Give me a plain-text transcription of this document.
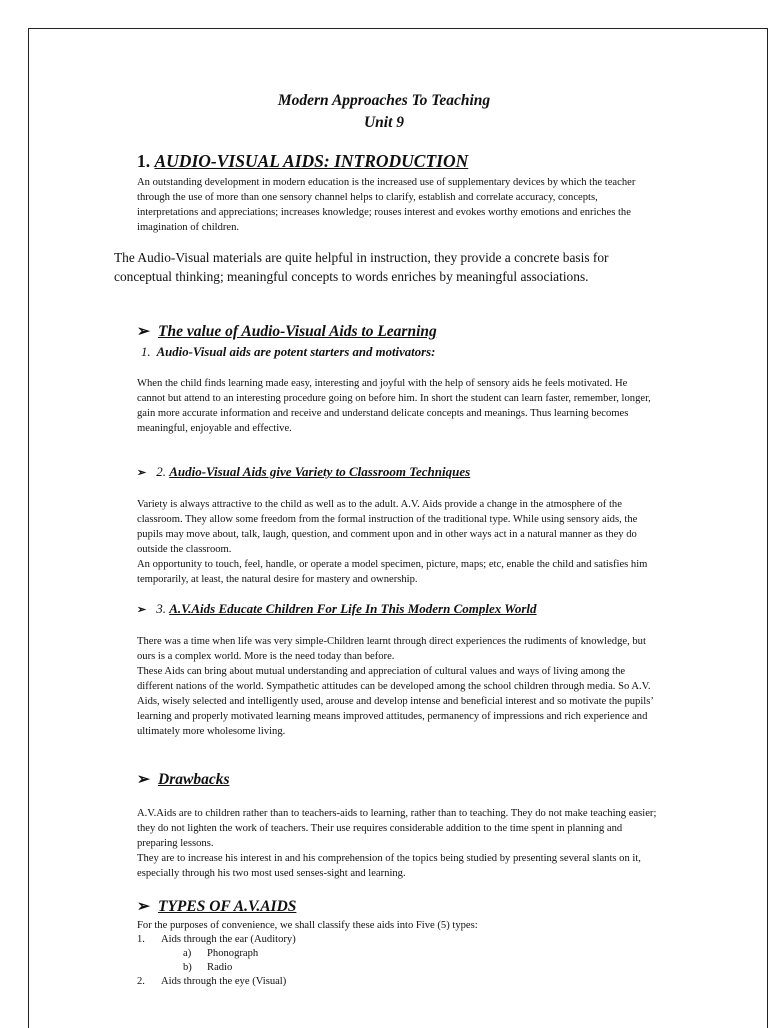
Modern Approaches To Teaching
Unit 9
1. AUDIO-VISUAL AIDS: INTRODUCTION
An outstanding development in modern education is the increased use of supplementary devices by which the teacher through the use of more than one sensory channel helps to clarify, establish and correlate accuracy, concepts, interpretations and appreciations; increases knowledge; rouses interest and evokes worthy emotions and enriches the imagination of children.
The Audio-Visual materials are quite helpful in instruction, they provide a concrete basis for conceptual thinking; meaningful concepts to words enriches by meaningful associations.
➢ The value of Audio-Visual Aids to Learning
1. Audio-Visual aids are potent starters and motivators:
When the child finds learning made easy, interesting and joyful with the help of sensory aids he feels motivated. He cannot but attend to an interesting procedure going on before him. In short the student can learn faster, remember, longer, gain more accurate information and receive and understand delicate concepts and meanings. Thus learning becomes meaningful, enjoyable and effective.
➢ 2. Audio-Visual Aids give Variety to Classroom Techniques

Variety is always attractive to the child as well as to the adult. A.V. Aids provide a change in the atmosphere of the classroom. They allow some freedom from the formal instruction of the traditional type. While using sensory aids, the pupils may move about, talk, laugh, question, and comment upon and in other ways act in a natural manner as they do outside the classroom.

An opportunity to touch, feel, handle, or operate a model specimen, picture, maps; etc, enable the child and satisfies him temporarily, at least, the natural desire for mastery and ownership.

➢ 3. A.V.Aids Educate Children For Life In This Modern Complex World

There was a time when life was very simple-Children learnt through direct experiences the rudiments of knowledge, but ours is a complex world. More is the need today than before.

These Aids can bring about mutual understanding and appreciation of cultural values and ways of living among the different nations of the world. Sympathetic attitudes can be developed among the school children through media. So A.V. Aids, wisely selected and intelligently used, arouse and develop intense and beneficial interest and so motivate the pupils’ learning and properly motivated learning means improved attitudes, permanency of impressions and rich experience and ultimately more wholesome living.

➢ Drawbacks

A.V.Aids are to children rather than to teachers-aids to learning, rather than to teaching. They do not make teaching easier; they do not lighten the work of teachers. Their use requires considerable addition to the time spent in planning and preparing lessons.

They are to increase his interest in and his comprehension of the topics being studied by presenting several slants on it, especially through his two most used senses-sight and learning.

➢ TYPES OF A.V.AIDS
For the purposes of convenience, we shall classify these aids into Five (5) types:
1. Aids through the ear (Auditory)
a) Phonograph
b) Radio
2. Aids through the eye (Visual)
